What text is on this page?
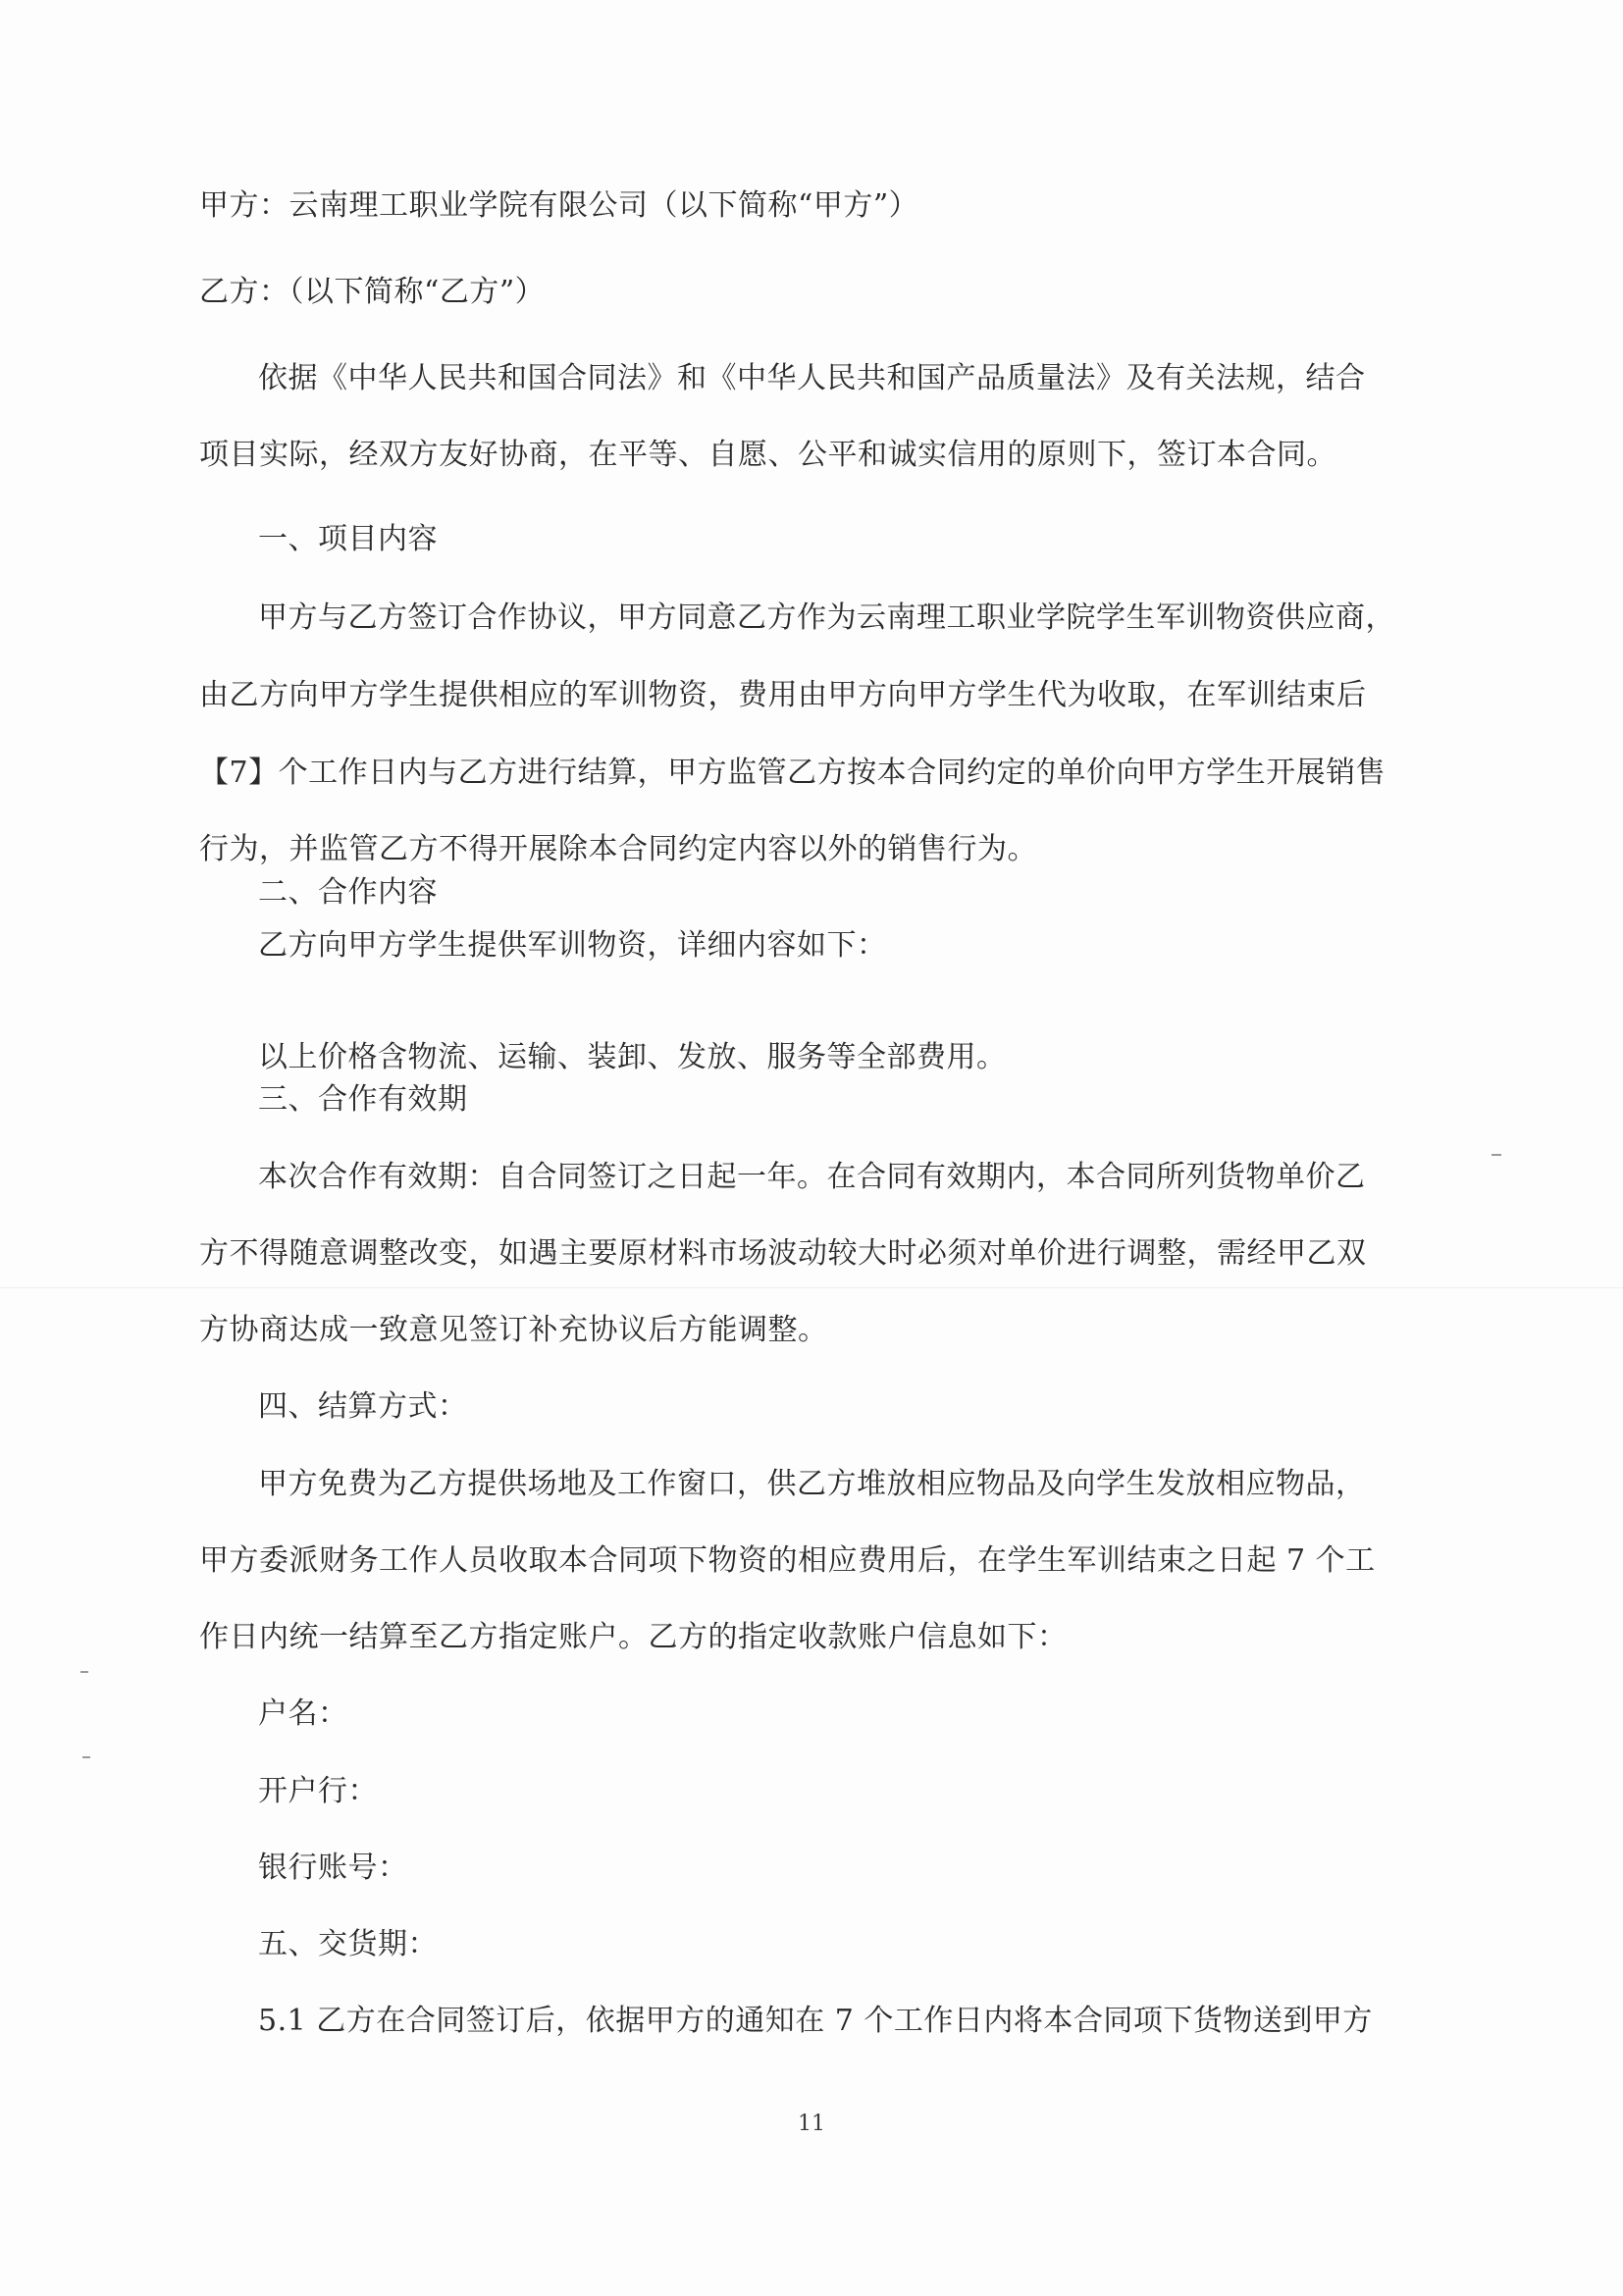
甲方：云南理工职业学院有限公司（以下简称“甲方”）
乙方：（以下简称“乙方”）
依据《中华人民共和国合同法》和《中华人民共和国产品质量法》及有关法规，结合
项目实际，经双方友好协商，在平等、自愿、公平和诚实信用的原则下，签订本合同。
一、项目内容
甲方与乙方签订合作协议，甲方同意乙方作为云南理工职业学院学生军训物资供应商，
由乙方向甲方学生提供相应的军训物资，费用由甲方向甲方学生代为收取，在军训结束后
【7】个工作日内与乙方进行结算，甲方监管乙方按本合同约定的单价向甲方学生开展销售
行为，并监管乙方不得开展除本合同约定内容以外的销售行为。
二、合作内容
乙方向甲方学生提供军训物资，详细内容如下：
以上价格含物流、运输、装卸、发放、服务等全部费用。
三、合作有效期
本次合作有效期：自合同签订之日起一年。在合同有效期内，本合同所列货物单价乙
方不得随意调整改变，如遇主要原材料市场波动较大时必须对单价进行调整，需经甲乙双
方协商达成一致意见签订补充协议后方能调整。
四、结算方式：
甲方免费为乙方提供场地及工作窗口，供乙方堆放相应物品及向学生发放相应物品，
甲方委派财务工作人员收取本合同项下物资的相应费用后，在学生军训结束之日起 7 个工
作日内统一结算至乙方指定账户。乙方的指定收款账户信息如下：
户名：
开户行：
银行账号：
五、交货期：
5.1 乙方在合同签订后，依据甲方的通知在 7 个工作日内将本合同项下货物送到甲方
11
